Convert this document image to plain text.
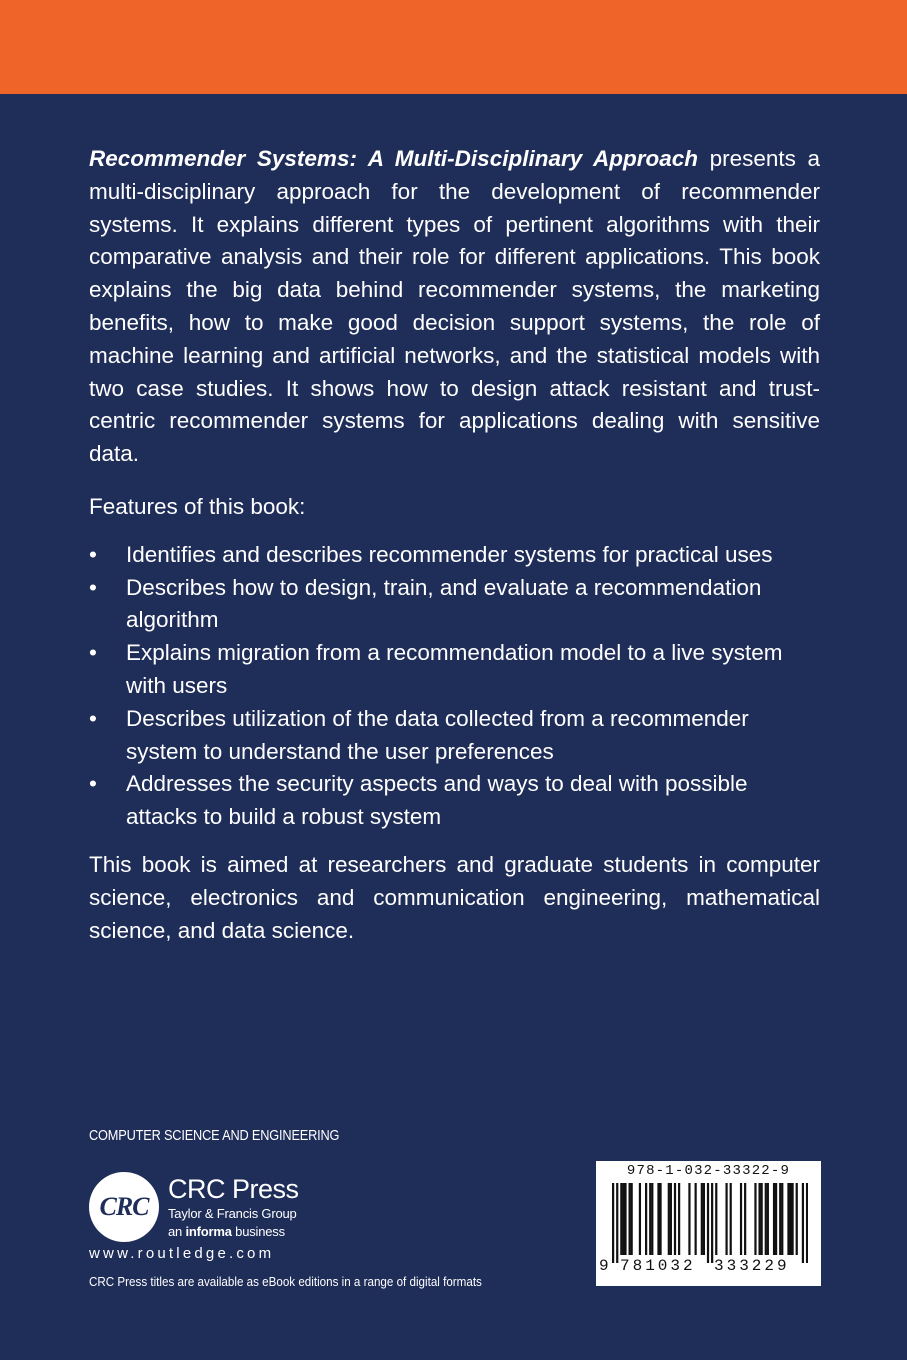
Recommender Systems: A Multi-Disciplinary Approach presents a multi-disciplinary approach for the development of recommender systems. It explains different types of pertinent algorithms with their comparative analysis and their role for different applications. This book explains the big data behind recommender systems, the marketing benefits, how to make good decision support systems, the role of machine learning and artificial networks, and the statistical models with two case studies. It shows how to design attack resistant and trust-centric recommender systems for applications dealing with sensitive data.

Features of this book:

• Identifies and describes recommender systems for practical uses
• Describes how to design, train, and evaluate a recommendation algorithm
• Explains migration from a recommendation model to a live system with users
• Describes utilization of the data collected from a recommender system to understand the user preferences
• Addresses the security aspects and ways to deal with possible attacks to build a robust system

This book is aimed at researchers and graduate students in computer science, electronics and communication engineering, mathematical science, and data science.

COMPUTER SCIENCE AND ENGINEERING
CRC
CRC Press
Taylor & Francis Group
an informa business
www.routledge.com
CRC Press titles are available as eBook editions in a range of digital formats
978-1-032-33322-9
9 781032 333229
